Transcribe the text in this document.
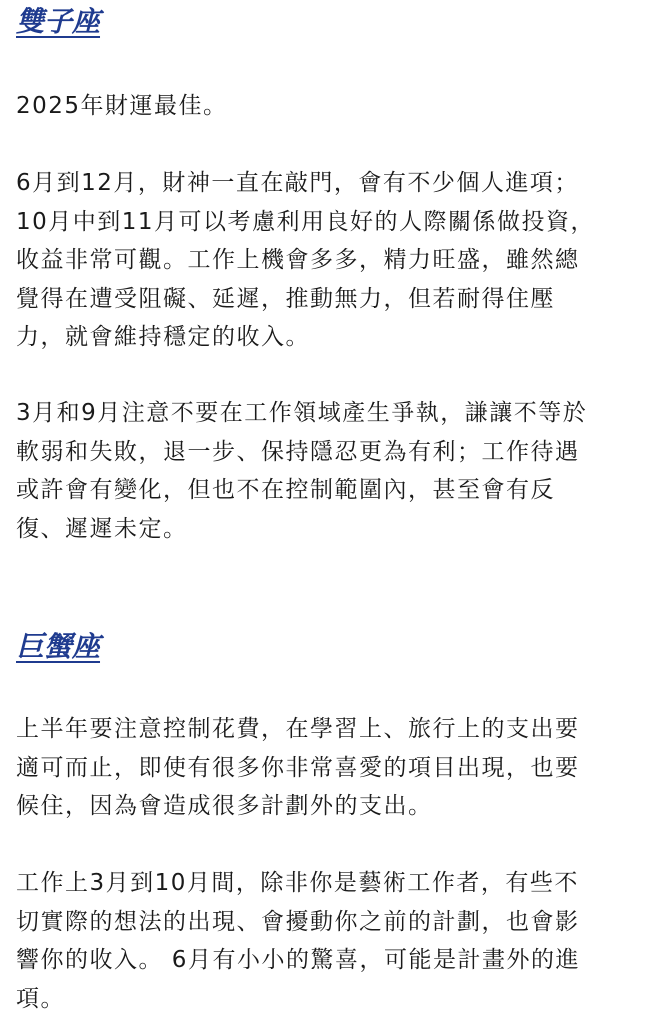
雙子座
2025年財運最佳。
6月到12月，財神一直在敲門，會有不少個人進項；
10月中到11月可以考慮利用良好的人際關係做投資，
收益非常可觀。工作上機會多多，精力旺盛，雖然總
覺得在遭受阻礙、延遲，推動無力，但若耐得住壓
力，就會維持穩定的收入。
3月和9月注意不要在工作領域產生爭執，謙讓不等於
軟弱和失敗，退一步、保持隱忍更為有利；工作待遇
或許會有變化，但也不在控制範圍內，甚至會有反
復、遲遲未定。
巨蟹座
上半年要注意控制花費，在學習上、旅行上的支出要
適可而止，即使有很多你非常喜愛的項目出現，也要
候住，因為會造成很多計劃外的支出。
工作上3月到10月間，除非你是藝術工作者，有些不
切實際的想法的出現、會擾動你之前的計劃，也會影
響你的收入。 6月有小小的驚喜，可能是計畫外的進
項。
